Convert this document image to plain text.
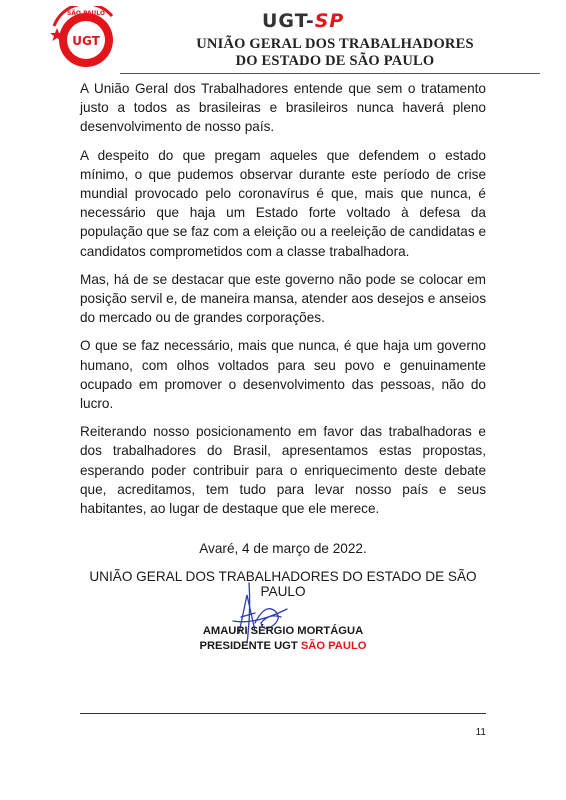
SÃO PAULO
UGT
UGT-SP
UNIÃO GERAL DOS TRABALHADORES
DO ESTADO DE SÃO PAULO

A União Geral dos Trabalhadores entende que sem o tratamento justo a todos as brasileiras e brasileiros nunca haverá pleno desenvolvimento de nosso país.

A despeito do que pregam aqueles que defendem o estado mínimo, o que pudemos observar durante este período de crise mundial provocado pelo coronavírus é que, mais que nunca, é necessário que haja um Estado forte voltado à defesa da população que se faz com a eleição ou a reeleição de candidatas e candidatos comprometidos com a classe trabalhadora.

Mas, há de se destacar que este governo não pode se colocar em posição servil e, de maneira mansa, atender aos desejos e anseios do mercado ou de grandes corporações.

O que se faz necessário, mais que nunca, é que haja um governo humano, com olhos voltados para seu povo e genuinamente ocupado em promover o desenvolvimento das pessoas, não do lucro.

Reiterando nosso posicionamento em favor das trabalhadoras e dos trabalhadores do Brasil, apresentamos estas propostas, esperando poder contribuir para o enriquecimento deste debate que, acreditamos, tem tudo para levar nosso país e seus habitantes, ao lugar de destaque que ele merece.

Avaré, 4 de março de 2022.
UNIÃO GERAL DOS TRABALHADORES DO ESTADO DE SÃO PAULO
AMAURI SÉRGIO MORTÁGUA
PRESIDENTE UGT SÃO PAULO
11
